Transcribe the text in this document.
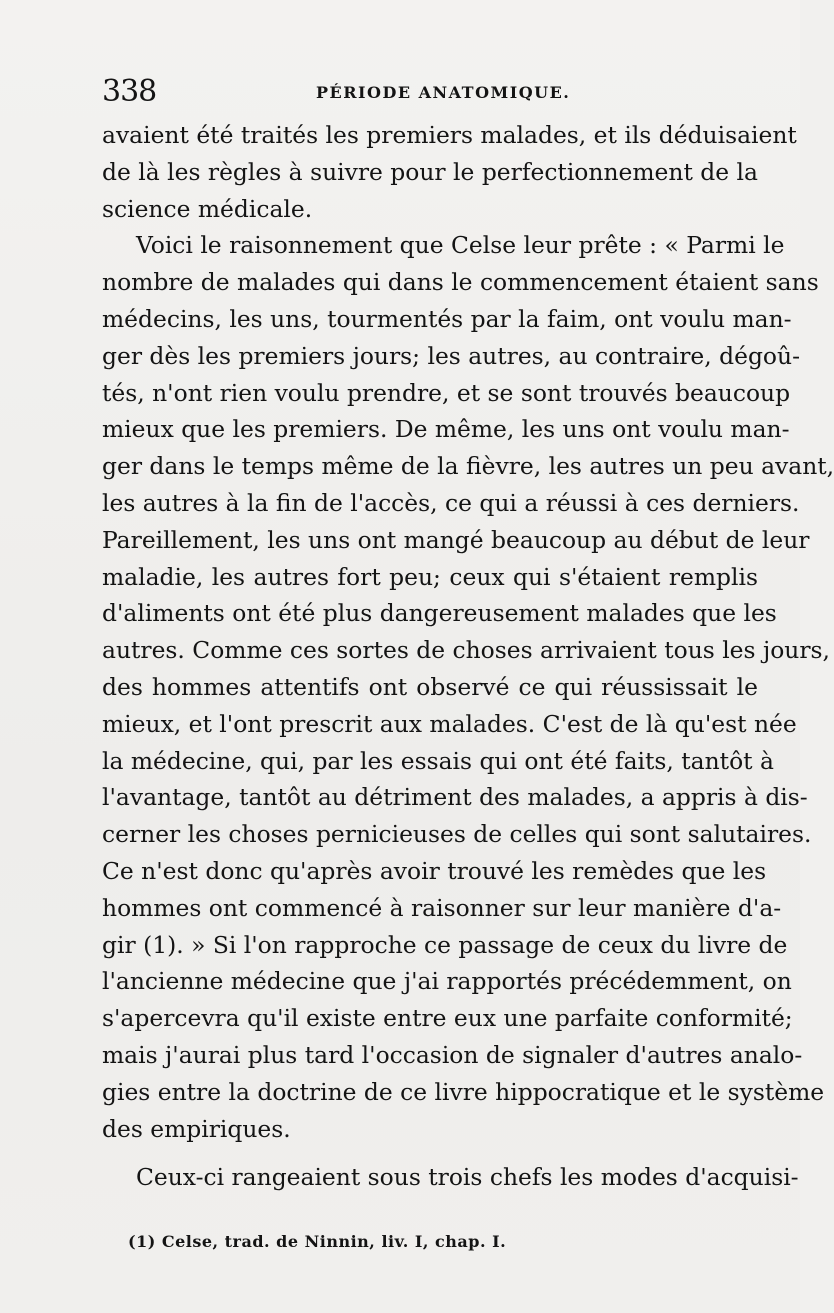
338	PÉRIODE ANATOMIQUE.
avaient été traités les premiers malades, et ils déduisaient
de là les règles à suivre pour le perfectionnement de la
science médicale.
Voici le raisonnement que Celse leur prête : « Parmi le
nombre de malades qui dans le commencement étaient sans
médecins, les uns, tourmentés par la faim, ont voulu man-
ger dès les premiers jours; les autres, au contraire, dégoû-
tés, n'ont rien voulu prendre, et se sont trouvés beaucoup
mieux que les premiers. De même, les uns ont voulu man-
ger dans le temps même de la fièvre, les autres un peu avant,
les autres à la fin de l'accès, ce qui a réussi à ces derniers.
Pareillement, les uns ont mangé beaucoup au début de leur
maladie, les autres fort peu; ceux qui s'étaient remplis
d'aliments ont été plus dangereusement malades que les
autres. Comme ces sortes de choses arrivaient tous les jours,
des hommes attentifs ont observé ce qui réussissait le
mieux, et l'ont prescrit aux malades. C'est de là qu'est née
la médecine, qui, par les essais qui ont été faits, tantôt à
l'avantage, tantôt au détriment des malades, a appris à dis-
cerner les choses pernicieuses de celles qui sont salutaires.
Ce n'est donc qu'après avoir trouvé les remèdes que les
hommes ont commencé à raisonner sur leur manière d'a-
gir (1). » Si l'on rapproche ce passage de ceux du livre de
l'ancienne médecine que j'ai rapportés précédemment, on
s'apercevra qu'il existe entre eux une parfaite conformité;
mais j'aurai plus tard l'occasion de signaler d'autres analo-
gies entre la doctrine de ce livre hippocratique et le système
des empiriques.
Ceux-ci rangeaient sous trois chefs les modes d'acquisi-
(1) Celse, trad. de Ninnin, liv. I, chap. I.
